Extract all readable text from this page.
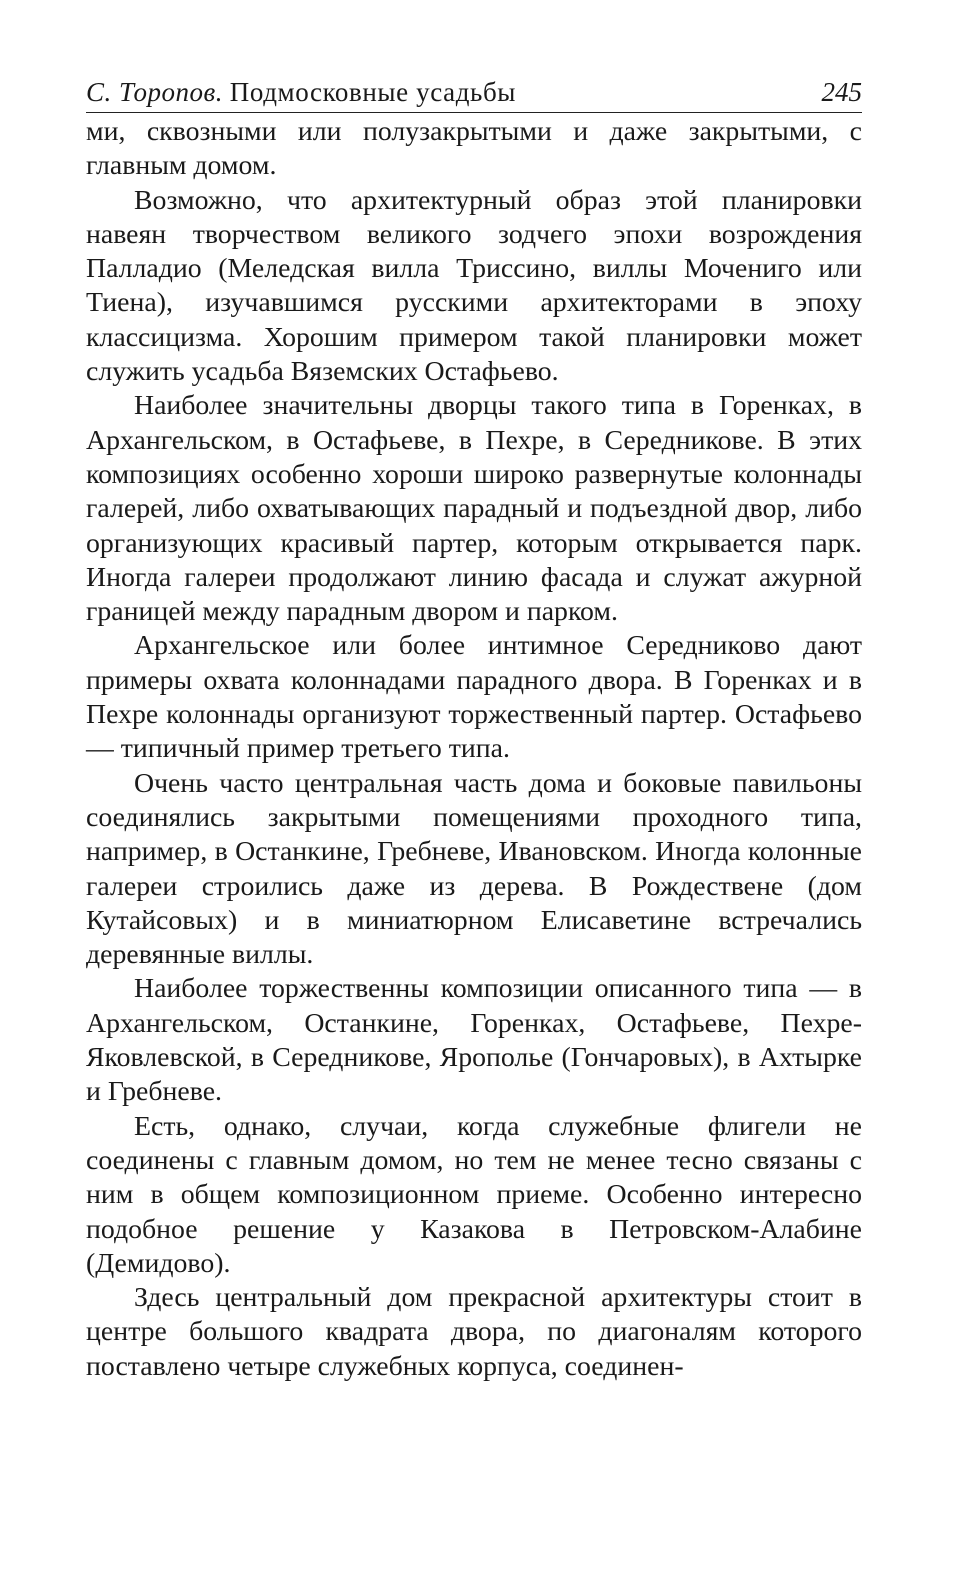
С. Торопов. Подмосковные усадьбы	245

ми, сквозными или полузакрытыми и даже закрытыми, с главным домом.

Возможно, что архитектурный образ этой планировки навеян творчеством великого зодчего эпохи возрождения Палладио (Меледская вилла Триссино, виллы Мочениго или Тиена), изучавшимся русскими архитекторами в эпоху классицизма. Хорошим примером такой планировки может служить усадьба Вяземских Остафьево.

Наиболее значительны дворцы такого типа в Горенках, в Архангельском, в Остафьеве, в Пехре, в Середникове. В этих композициях особенно хороши широко развернутые колоннады галерей, либо охватывающих парадный и подъездной двор, либо организующих красивый партер, которым открывается парк. Иногда галереи продолжают линию фасада и служат ажурной границей между парадным двором и парком.

Архангельское или более интимное Середниково дают примеры охвата колоннадами парадного двора. В Горенках и в Пехре колоннады организуют торжественный партер. Остафьево — типичный пример третьего типа.

Очень часто центральная часть дома и боковые павильоны соединялись закрытыми помещениями проходного типа, например, в Останкине, Гребневе, Ивановском. Иногда колонные галереи строились даже из дерева. В Рождествене (дом Кутайсовых) и в миниатюрном Елисаветине встречались деревянные виллы.

Наиболее торжественны композиции описанного типа — в Архангельском, Останкине, Горенках, Остафьеве, Пехре-Яковлевской, в Середникове, Ярополье (Гончаровых), в Ахтырке и Гребневе.

Есть, однако, случаи, когда служебные флигели не соединены с главным домом, но тем не менее тесно связаны с ним в общем композиционном приеме. Особенно интересно подобное решение у Казакова в Петровском-Алабине (Демидово).

Здесь центральный дом прекрасной архитектуры стоит в центре большого квадрата двора, по диагоналям которого поставлено четыре служебных корпуса, соединен-
